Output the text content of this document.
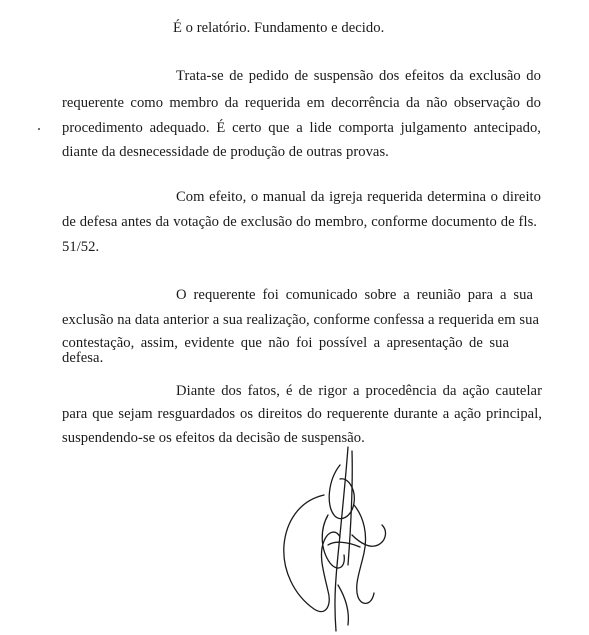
É o relatório. Fundamento e decido.
Trata-se de pedido de suspensão dos efeitos da exclusão do
requerente como membro da requerida em decorrência da não observação do
procedimento adequado. É certo que a lide comporta julgamento antecipado,
diante da desnecessidade de produção de outras provas.
Com efeito, o manual da igreja requerida determina o direito
de defesa antes da votação de exclusão do membro, conforme documento de fls.
51/52.
O requerente foi comunicado sobre a reunião para a sua
exclusão na data anterior a sua realização, conforme confessa a requerida em sua
contestação, assim, evidente que não foi possível a apresentação de sua defesa.
Diante dos fatos, é de rigor a procedência da ação cautelar
para que sejam resguardados os direitos do requerente durante a ação principal,
suspendendo-se os efeitos da decisão de suspensão.
